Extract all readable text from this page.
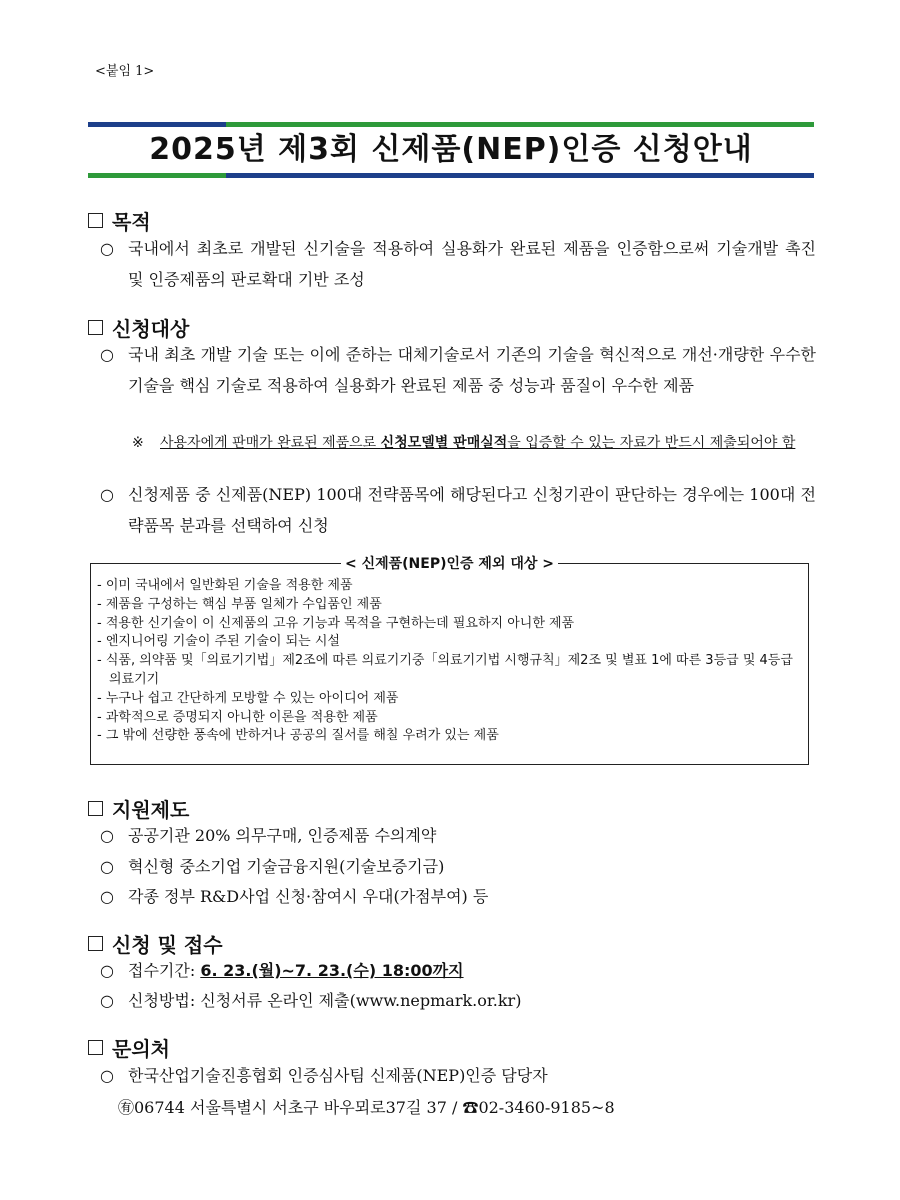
<붙임 1>
2025년 제3회 신제품(NEP)인증 신청안내
목적
○ 국내에서 최초로 개발된 신기술을 적용하여 실용화가 완료된 제품을 인증함으로써 기술개발 촉진 및 인증제품의 판로확대 기반 조성
신청대상
○ 국내 최초 개발 기술 또는 이에 준하는 대체기술로서 기존의 기술을 혁신적으로 개선·개량한 우수한 기술을 핵심 기술로 적용하여 실용화가 완료된 제품 중 성능과 품질이 우수한 제품
※ 사용자에게 판매가 완료된 제품으로 신청모델별 판매실적을 입증할 수 있는 자료가 반드시 제출되어야 함
○ 신청제품 중 신제품(NEP) 100대 전략품목에 해당된다고 신청기관이 판단하는 경우에는 100대 전략품목 분과를 선택하여 신청
< 신제품(NEP)인증 제외 대상 >
- 이미 국내에서 일반화된 기술을 적용한 제품
- 제품을 구성하는 핵심 부품 일체가 수입품인 제품
- 적용한 신기술이 이 신제품의 고유 기능과 목적을 구현하는데 필요하지 아니한 제품
- 엔지니어링 기술이 주된 기술이 되는 시설
- 식품, 의약품 및「의료기기법」제2조에 따른 의료기기중「의료기기법 시행규칙」제2조 및 별표 1에 따른 3등급 및 4등급 의료기기
- 누구나 쉽고 간단하게 모방할 수 있는 아이디어 제품
- 과학적으로 증명되지 아니한 이론을 적용한 제품
- 그 밖에 선량한 풍속에 반하거나 공공의 질서를 해칠 우려가 있는 제품
지원제도
○ 공공기관 20% 의무구매, 인증제품 수의계약
○ 혁신형 중소기업 기술금융지원(기술보증기금)
○ 각종 정부 R&D사업 신청·참여시 우대(가점부여) 등
신청 및 접수
○ 접수기간: 6. 23.(월)~7. 23.(수) 18:00까지
○ 신청방법: 신청서류 온라인 제출(www.nepmark.or.kr)
문의처
○ 한국산업기술진흥협회 인증심사팀 신제품(NEP)인증 담당자
㊒06744 서울특별시 서초구 바우뫼로37길 37 / ☎02-3460-9185~8
